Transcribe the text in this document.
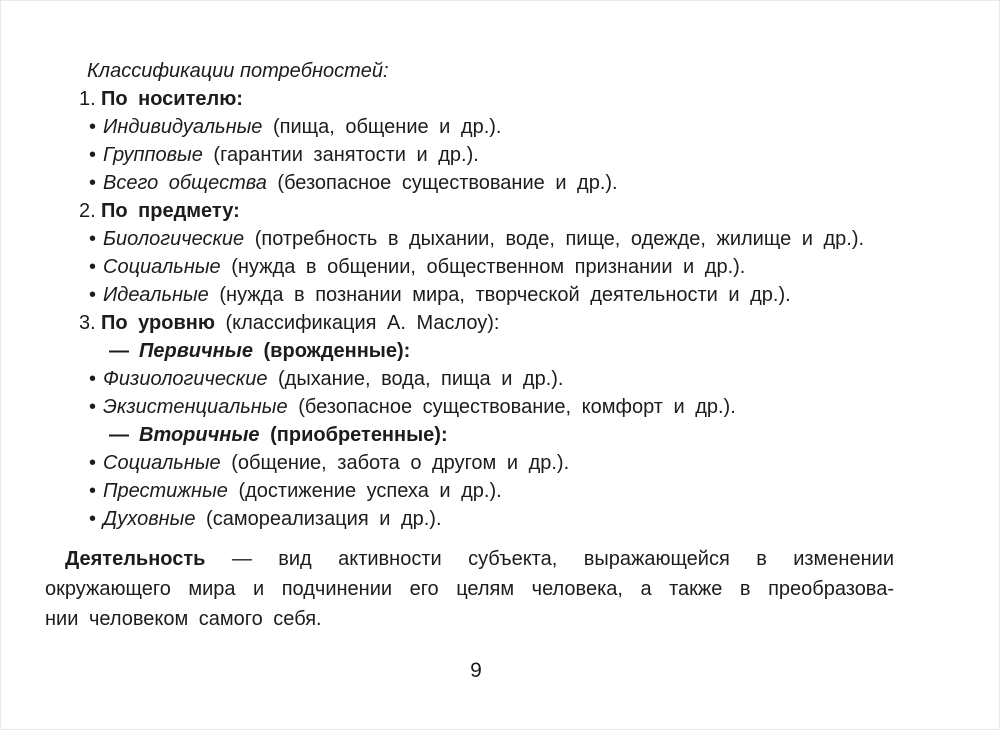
Классификации потребностей:

1. По носителю:
• Индивидуальные (пища, общение и др.).
• Групповые (гарантии занятости и др.).
• Всего общества (безопасное существование и др.).
2. По предмету:
• Биологические (потребность в дыхании, воде, пище, одежде, жилище и др.).
• Социальные (нужда в общении, общественном признании и др.).
• Идеальные (нужда в познании мира, творческой деятельности и др.).
3. По уровню (классификация А. Маслоу):
— Первичные (врожденные):
• Физиологические (дыхание, вода, пища и др.).
• Экзистенциальные (безопасное существование, комфорт и др.).
— Вторичные (приобретенные):
• Социальные (общение, забота о другом и др.).
• Престижные (достижение успеха и др.).
• Духовные (самореализация и др.).
Деятельность — вид активности субъекта, выражающейся в изменении
окружающего мира и подчинении его целям человека, а также в преобразова-
нии человеком самого себя.
9
